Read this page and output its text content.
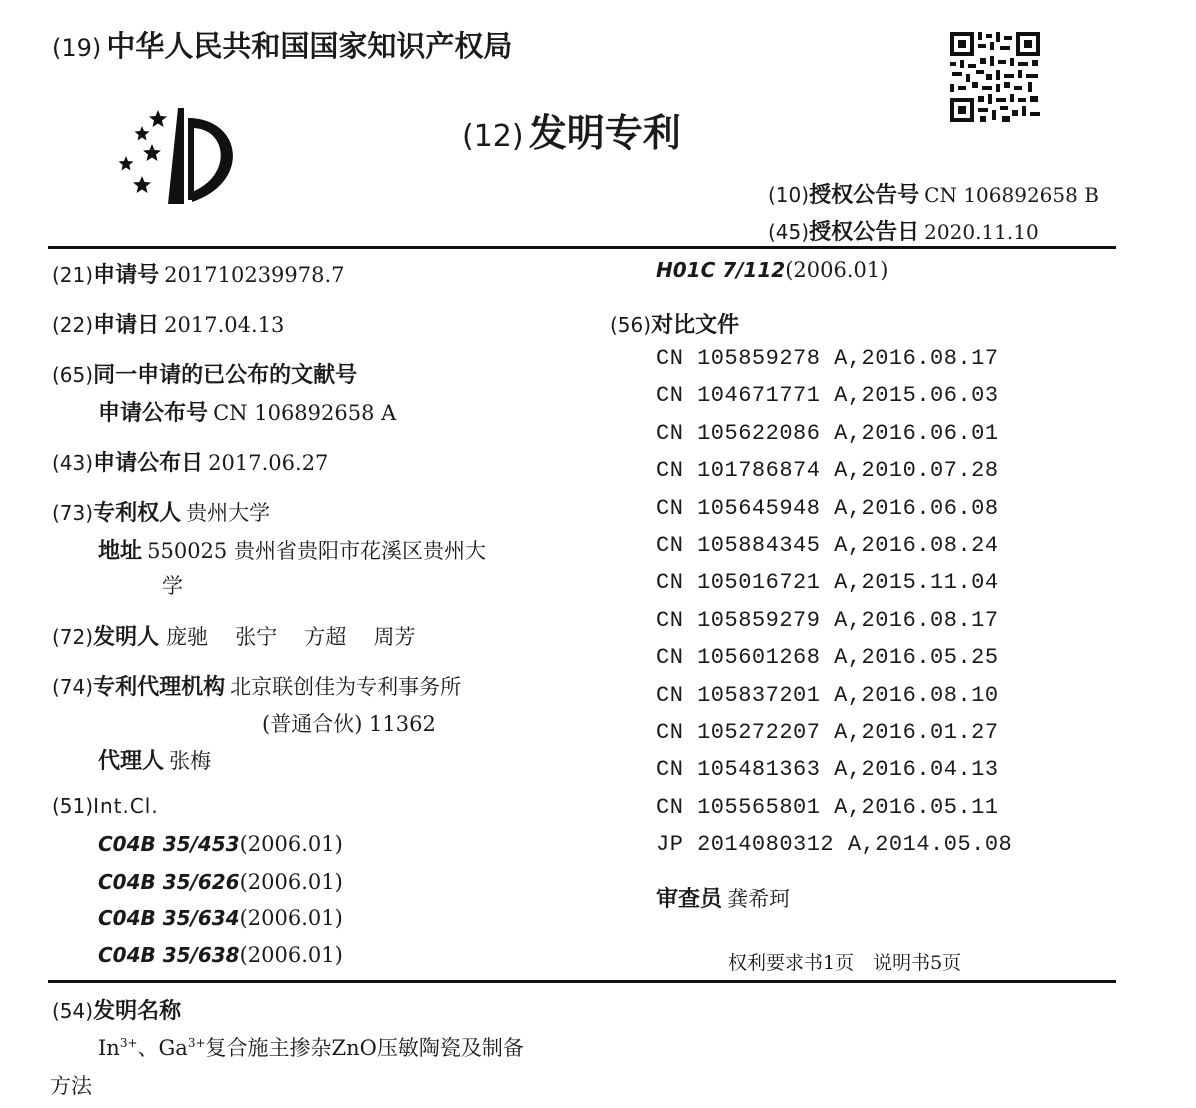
(19) 中华人民共和国国家知识产权局
(12) 发明专利
(10)授权公告号 CN 106892658 B
(45)授权公告日 2020.11.10
(21)申请号 201710239978.7
(22)申请日 2017.04.13
(65)同一申请的已公布的文献号
申请公布号 CN 106892658 A
(43)申请公布日 2017.06.27
(73)专利权人 贵州大学
地址 550025 贵州省贵阳市花溪区贵州大
学
(72)发明人 庞驰 张宁 方超 周芳
(74)专利代理机构 北京联创佳为专利事务所
(普通合伙) 11362
代理人 张梅
(51)Int.Cl.
C04B 35/453(2006.01)
C04B 35/626(2006.01)
C04B 35/634(2006.01)
C04B 35/638(2006.01)
H01C 7/112(2006.01)
(56)对比文件
CN 105859278 A,2016.08.17
CN 104671771 A,2015.06.03
CN 105622086 A,2016.06.01
CN 101786874 A,2010.07.28
CN 105645948 A,2016.06.08
CN 105884345 A,2016.08.24
CN 105016721 A,2015.11.04
CN 105859279 A,2016.08.17
CN 105601268 A,2016.05.25
CN 105837201 A,2016.08.10
CN 105272207 A,2016.01.27
CN 105481363 A,2016.04.13
CN 105565801 A,2016.05.11
JP 2014080312 A,2014.05.08
审查员 龚希珂
权利要求书1页　说明书5页
(54)发明名称
$In^{3+}$、$Ga^{3+}$复合施主掺杂ZnO压敏陶瓷及制备
方法
